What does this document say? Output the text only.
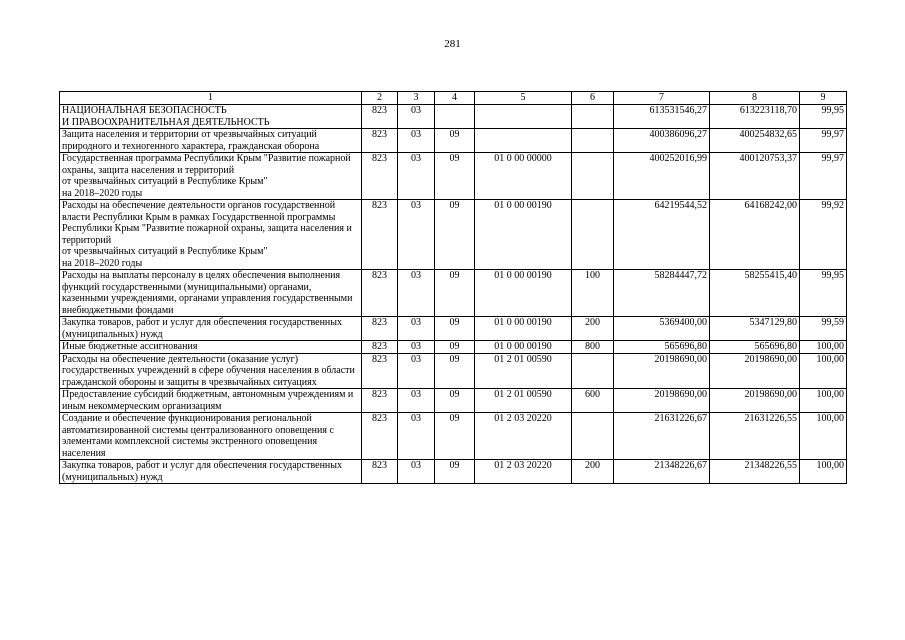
281
1	2	3	4	5	6	7	8	9
НАЦИОНАЛЬНАЯ БЕЗОПАСНОСТЬ
И ПРАВООХРАНИТЕЛЬНАЯ ДЕЯТЕЛЬНОСТЬ	823	03				613531546,27	613223118,70	99,95
Защита населения и территории от чрезвычайных ситуаций природного и техногенного характера, гражданская оборона	823	03	09			400386096,27	400254832,65	99,97
Государственная программа Республики Крым "Развитие пожарной охраны, защита населения и территорий
от чрезвычайных ситуаций в Республике Крым"
на 2018–2020 годы	823	03	09	01 0 00 00000		400252016,99	400120753,37	99,97
Расходы на обеспечение деятельности органов государственной власти Республики Крым в рамках Государственной программы Республики Крым "Развитие пожарной охраны, защита населения и территорий
от чрезвычайных ситуаций в Республике Крым"
на 2018–2020 годы	823	03	09	01 0 00 00190		64219544,52	64168242,00	99,92
Расходы на выплаты персоналу в целях обеспечения выполнения функций государственными (муниципальными) органами, казенными учреждениями, органами управления государственными внебюджетными фондами	823	03	09	01 0 00 00190	100	58284447,72	58255415,40	99,95
Закупка товаров, работ и услуг для обеспечения государственных (муниципальных) нужд	823	03	09	01 0 00 00190	200	5369400,00	5347129,80	99,59
Иные бюджетные ассигнования	823	03	09	01 0 00 00190	800	565696,80	565696,80	100,00
Расходы на обеспечение деятельности (оказание услуг) государственных учреждений в сфере обучения населения в области гражданской обороны и защиты в чрезвычайных ситуациях	823	03	09	01 2 01 00590		20198690,00	20198690,00	100,00
Предоставление субсидий бюджетным, автономным учреждениям и иным некоммерческим организациям	823	03	09	01 2 01 00590	600	20198690,00	20198690,00	100,00
Создание и обеспечение функционирования региональной автоматизированной системы централизованного оповещения с элементами комплексной системы экстренного оповещения населения	823	03	09	01 2 03 20220		21631226,67	21631226,55	100,00
Закупка товаров, работ и услуг для обеспечения государственных (муниципальных) нужд	823	03	09	01 2 03 20220	200	21348226,67	21348226,55	100,00
